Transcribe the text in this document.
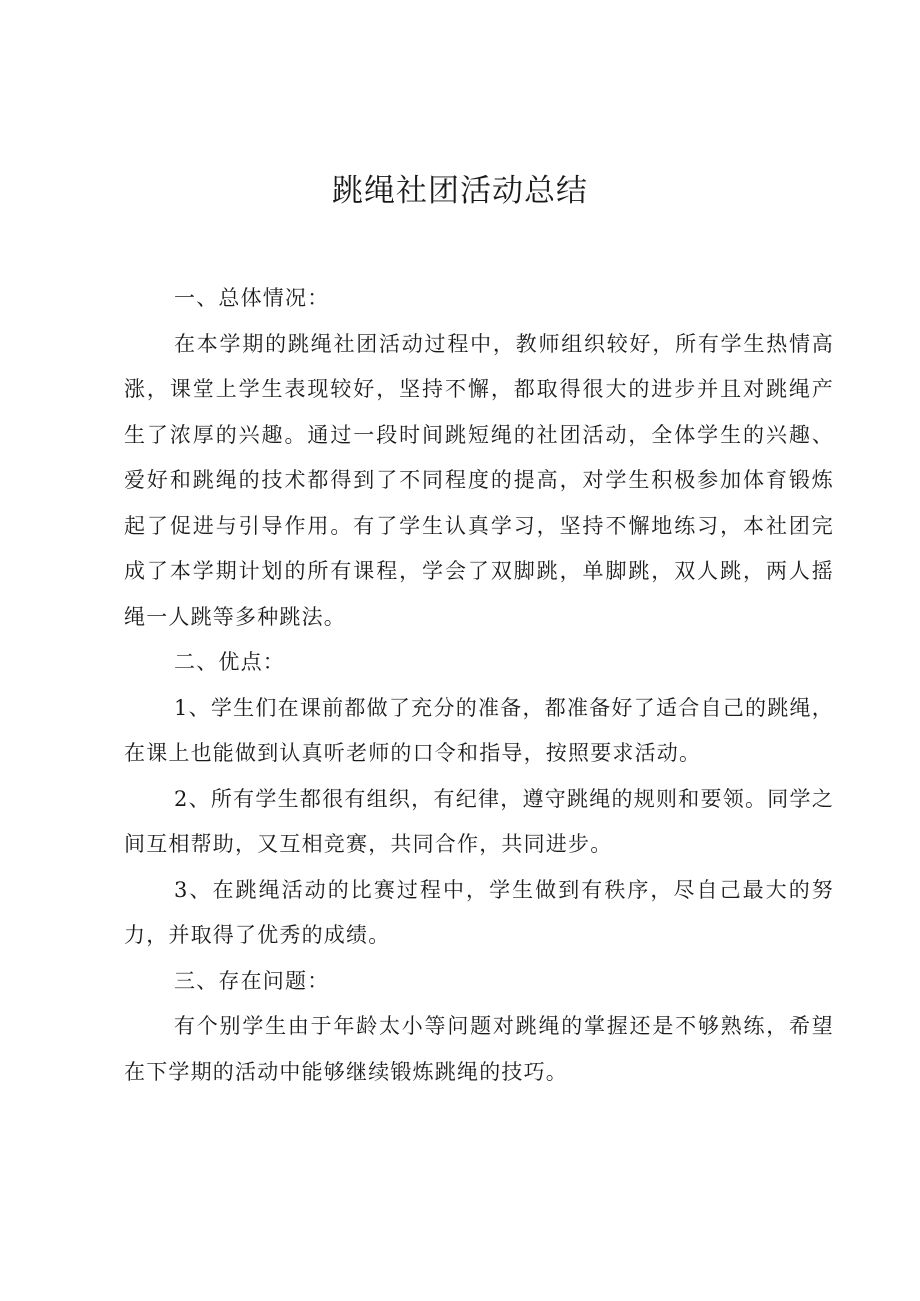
跳绳社团活动总结

一、总体情况：

在本学期的跳绳社团活动过程中，教师组织较好，所有学生热情高涨，课堂上学生表现较好，坚持不懈，都取得很大的进步并且对跳绳产生了浓厚的兴趣。通过一段时间跳短绳的社团活动，全体学生的兴趣、爱好和跳绳的技术都得到了不同程度的提高，对学生积极参加体育锻炼起了促进与引导作用。有了学生认真学习，坚持不懈地练习，本社团完成了本学期计划的所有课程，学会了双脚跳，单脚跳，双人跳，两人摇绳一人跳等多种跳法。

二、优点：

1、学生们在课前都做了充分的准备，都准备好了适合自己的跳绳，在课上也能做到认真听老师的口令和指导，按照要求活动。

2、所有学生都很有组织，有纪律，遵守跳绳的规则和要领。同学之间互相帮助，又互相竞赛，共同合作，共同进步。

3、在跳绳活动的比赛过程中，学生做到有秩序，尽自己最大的努力，并取得了优秀的成绩。

三、存在问题：

有个别学生由于年龄太小等问题对跳绳的掌握还是不够熟练，希望在下学期的活动中能够继续锻炼跳绳的技巧。
